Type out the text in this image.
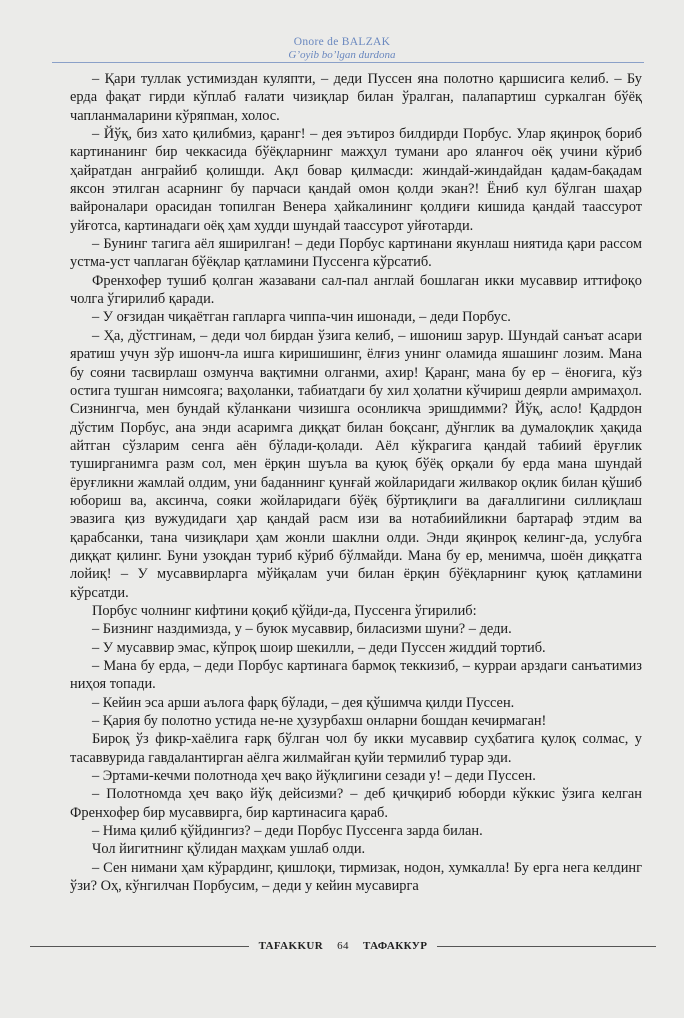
Onore de BALZAK
G’oyib bo’lgan durdona

– Қари туллак устимиздан куляпти, – деди Пуссен яна полотно қаршисига келиб. – Бу ерда фақат гирди кўплаб ғалати чизиқлар билан ўралган, палапартиш суркалган бўёқ чапланмаларини кўряпман, холос.

– Йўқ, биз хато қилибмиз, қаранг! – дея эътироз билдирди Порбус. Улар яқинроқ бориб картинанинг бир чеккасида бўёқларнинг мажҳул тумани аро яланғоч оёқ учини кўриб ҳайратдан анграйиб қолишди. Ақл бовар қилмасди: жиндай-жиндайдан қадам-бақадам яксон этилган асарнинг бу парчаси қандай омон қолди экан?! Ёниб кул бўлган шаҳар вайроналари орасидан топилган Венера ҳайкалининг қолдиғи кишида қандай таассурот уйғотса, картинадаги оёқ ҳам худди шундай таассурот уйғотарди.

– Бунинг тагига аёл яширилган! – деди Порбус картинани якунлаш ниятида қари рассом устма-уст чаплаган бўёқлар қатламини Пуссенга кўрсатиб.

Френхофер тушиб қолган жазавани сал-пал англай бошлаган икки мусаввир иттифоқо чолга ўгирилиб қаради.

– У оғзидан чиқаётган гапларга чиппа-чин ишонади, – деди Порбус.

– Ҳа, дўстгинам, – деди чол бирдан ўзига келиб, – ишониш зарур. Шундай санъат асари яратиш учун зўр ишонч-ла ишга киришишинг, ёлғиз унинг оламида яшашинг лозим. Мана бу сояни тасвирлаш озмунча вақтимни олганми, ахир! Қаранг, мана бу ер – ёноғига, кўз остига тушган нимсояга; ваҳоланки, табиатдаги бу хил ҳолатни кўчириш деярли амримаҳол. Сизнингча, мен бундай кўланкани чизишга осонликча эришдимми? Йўқ, асло! Қадрдон дўстим Порбус, ана энди асаримга диққат билан боқсанг, дўнглик ва думалоқлик ҳақида айтган сўзларим сенга аён бўлади-қолади. Аёл кўкрагига қандай табиий ёруғлик туширганимга разм сол, мен ёрқин шуъла ва қуюқ бўёқ орқали бу ерда мана шундай ёруғликни жамлай олдим, уни баданнинг қунғай жойларидаги жилвакор оқлик билан қўшиб юбориш ва, аксинча, сояки жойларидаги бўёқ бўртиқлиги ва дағаллигини силлиқлаш эвазига қиз вужудидаги ҳар қандай расм изи ва нотабиийликни бартараф этдим ва қарабсанки, тана чизиқлари ҳам жонли шаклни олди. Энди яқинроқ келинг-да, услубга диққат қилинг. Буни узоқдан туриб кўриб бўлмайди. Мана бу ер, менимча, шоён диққатга лойиқ! – У мусаввирларга мўйқалам учи билан ёрқин бўёқларнинг қуюқ қатламини кўрсатди.

Порбус чолнинг кифтини қоқиб қўйди-да, Пуссенга ўгирилиб:

– Бизнинг наздимизда, у – буюк мусаввир, биласизми шуни? – деди.

– У мусаввир эмас, кўпроқ шоир шекилли, – деди Пуссен жиддий тортиб.

– Мана бу ерда, – деди Порбус картинага бармоқ теккизиб, – курраи арздаги санъатимиз ниҳоя топади.

– Кейин эса арши аълога фарқ бўлади, – дея қўшимча қилди Пуссен.

– Қария бу полотно устида не-не ҳузурбахш онларни бошдан кечирмаган!

Бироқ ўз фикр-хаёлига ғарқ бўлган чол бу икки мусаввир суҳбатига қулоқ солмас, у тасаввурида гавдалантирган аёлга жилмайган қуйи термилиб турар эди.

– Эртами-кечми полотнода ҳеч вақо йўқлигини сезади у! – деди Пуссен.

– Полотномда ҳеч вақо йўқ дейсизми? – деб қичқириб юборди кўккис ўзига келган Френхофер бир мусаввирга, бир картинасига қараб.

– Нима қилиб қўйдингиз? – деди Порбус Пуссенга зарда билан.

Чол йигитнинг қўлидан маҳкам ушлаб олди.

– Сен нимани ҳам кўрардинг, қишлоқи, тирмизак, нодон, хумкалла! Бу ерга нега келдинг ўзи? Оҳ, кўнгилчан Порбусим, – деди у кейин мусавирга

TAFAKKUR 64 ТАФАККУР
